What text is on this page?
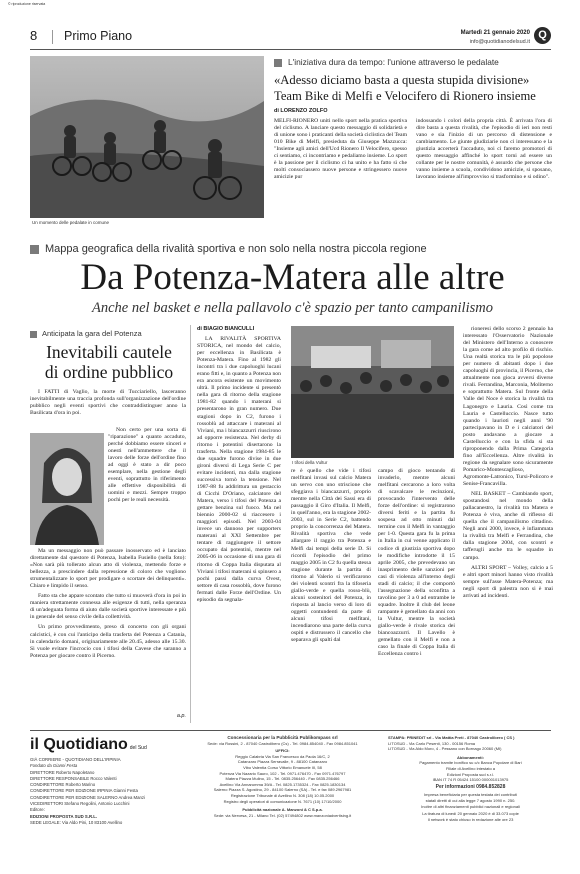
© riproduzione riservata
8 Primo Piano	Martedì 21 gennaio 2020
info@quotidianodelsud.it
Q
Un momento delle pedalate in comune
L'iniziativa dura da tempo: l'unione attraverso le pedalate
«Adesso diciamo basta a questa stupida divisione»
Team Bike di Melfi e Velocifero di Rionero insieme
di LORENZO ZOLFO
MELFI-RIONERO uniti nello sport nella pratica sportiva del ciclismo. A lanciare questo messaggio di solidarietà e di unione sono i praticanti della società ciclistica del Team 010 Bike di Melfi, presieduta da Giuseppe Mazzucca: "Insieme agli amici dell'Ucd Rionero Il Velocifero, spesso ci sentiamo, ci incontriamo e pedaliamo insieme. Lo sport è la passione per il ciclismo ci ha unito e ha fatto sì che molti consociassero nuove persone e stringessero nuove amicizie pur
indossando i colori della propria città. È arrivata l'ora di dire basta a questa rivalità, che l'episodio di ieri non resti vano e sia l'inizio di un percorso di distensione e cambiamento. Le giunte giudiziarie non ci interessano e la giustizia accerterà l'accaduto, noi ci faremo promotori di questo messaggio affinché lo sport torni ad essere un collante per le nostre comunità, è assurdo che persone che vanno insieme a scuola, condividono amicizie, si sposano, lavorano insieme all'improvviso si trasformino e si odino".
Mappa geografica della rivalità sportiva e non solo nella nostra piccola regione
Da Potenza-Matera alle altre
Anche nel basket e nella pallavolo c'è spazio per tanto campanilismo
Anticipata la gara del Potenza
Inevitabili cautele
di ordine pubblico

I FATTI di Vaglio, la morte di Tucciariello, lasceranno inevitabilmente una traccia profonda sull'organizzazione dell'ordine pubblico negli eventi sportivi che contraddistinguer anno la Basilicata d'ora in poi.

Non certo per una sorta di "riparazione" a quanto accaduto, perché dobbiamo essere sinceri e onesti nell'ammettere che il lavoro delle forze dell'ordine fino ad oggi è stato a dir poco esemplare, nella gestione degli eventi, soprattutto in riferimento alle effettive disponibilità di uomini e mezzi. Sempre troppo pochi per le reali necessità.

Ma un messaggio non può passare inosservato ed è lanciato direttamente dal questore di Potenza, Isabella Fusiello (nella foto): «Non sarà più tollerato alcun atto di violenza, mettendo forze e bellezza, a prescindere dalla repressione di coloro che vogliono strumentalizzare lo sport per prodigare o scortare dei delinquenti». Chiaro e limpido il senso.

Fatto sta che appare scontato che tutto si muoverà d'ora in poi in maniera strettamente connessa alle esigenze di tutti, nella speranza di un'adeguata forma di aiuto dalle società sportive interessate e più in generale del senso civile della collettività.

Un primo provvedimento, preso di concerto con gli organi calcistici, è con cui l'anticipo della trasferta del Potenza a Catania, in calendario domani, originariamente alle 20.45, adesso alle 15.30. Si vuole evitare l'incrocio con i tifosi della Cavese che saranno a Potenza per giocare contro il Picerno.

a.p.
di BIAGIO BIANCULLI

LA RIVALITÀ SPORTIVA STORICA, nel mondo del calcio, per eccellenza in Basilicata è Potenza-Matera. Fino al 1982 gli incontri tra i due capoluoghi lucani erano fitti e, in quanto a Potenza non era ancora esistente un movimento ultrà. Il primo incidente si presentò nella gara di ritorno della stagione 1981-82 quando i materani si presentarono in gran numero. Due stagioni dopo in C2, furono i rossoblù ad attaccare i materani al Viviani, ma i biancazzurri riuscirono ad opporre resistenza. Nel derby di ritorno i potentini disertarono la trasferta. Nella stagione 1984-85 le due squadre furono divise in due gironi diversi di Lega Serie C per evitare incidenti, ma dalla stagione successiva tornò la tensione. Nel 1987-88 fu addirittura un gestaccio di Cicchi D'Oriano, calciatore del Matera, verso i tifosi del Potenza a gettare benzina sul fuoco. Ma nel biennio 2000-02 si riaccesero i maggiori episodi. Nel 2003-04 invece un dannoso per supporters materani al XXI Settembre per tentare di raggiungere il settore occupato dai potentini, mentre nel 2005-06 in occasione di una gara di ritorno di Coppa Italia disputata al Viviani i tifosi materani si spinsero a pochi passi dalla curva Ovest, settore di casa rossoblù, dove furono fermati dalle Forze dell'Ordine. Un episodio da segnala-

I tifosi della Vultur
re è quello che vide i tifosi melfitani invasi sul calcio Matera un servo con uno striscione che sfeggiava i biancazzurri, proprio mentre nella Città dei Sassi era di passaggio il Giro d'Italia. Il Melfi, in quell'anno, era la stagione 2002-2003, sul in Serie C2, battendo proprio la concorrenza del Matera. Rivalità sportiva che vede allargare il raggio tra Potenza e Melfi dai tempi della serie D. Si ricordi l'episodio del primo maggio 2005 in C2 fu quella stessa stagione durante la partita di ritorno al Valerio si verificarono dei violenti scontri fra la tifoseria giallo-verde e quella rosso-blù, alcuni sostenitori del Potenza, in risposta al lancio verso di loro di oggetti contundenti da parte di alcuni tifosi melfitani, incendiarono una parte della curva ospiti e distrussero il cancello che separava gli spalti dal
campo di gioco tentando di invaderlo, mentre alcuni melfitani cercarono a loro volta di scavalcare le recinzioni, provocando l'intervento delle forze dell'ordine: si registrarono diversi feriti e la partita fu sospesa ad otto minuti dal termine con il Melfi in vantaggio per 1-0. Questa gara fu la prima in Italia in cui venne applicato il codice di giustizia sportiva dopo le modifiche introdotte il 15 aprile 2005, che prevedevano un inasprimento delle sanzioni per casi di violenza all'interno degli stadi di calcio; il che comportò l'assegnazione della sconfitta a tavolino per 3 a 0 ad entrambe le squadre. Inoltre il club del leone rampante è gemellato da anni con la Vultur, mentre la società giallo-verde è rivale storica dei biancoazzurri. Il Lavello è gemellato con il Melfi e non a caso la finale di Coppa Italia di Eccellenza contro i

rioneresi dello scorso 2 gennaio ha interessato l'Osservatorio Nazionale del Ministero dell'Interno a conoscere la gara come ad alto profilo di rischio. Una realtà storica tra le più popolose per numero di abitanti dopo i due capoluoghi di provincia, il Picerno, che attualmente non gioca avversi diverse rivali. Ferrandina, Marconia, Moliterno e soprattutto Matera. Sul fronte della Valle del Noce è storica la rivalità tra Lagonegro e Lauria. Così come tra Lauria e Castelluccio. Nasce tutto quando i laurioti negli anni '90 partecipavano in D e i calciatori del posto andavano a giocare a Castelluccio e con la sfida si sta riproponendo dalla Prima Categoria fino all'Eccellenza. Altre rivalità in regione da segnalare sono sicuramente Pomarico-Montescaglioso, Agromonte-Latronico, Tursi-Policoro e Senise-Francavilla.

NEL BASKET – Cambiando sport, spostandosi nel mondo della pallacanestro, la rivalità tra Matera e Potenza è viva, anche di riflesso di quella che il campanilismo cittadino. Negli anni 2000, invece, è infiammata la rivalità tra Melfi e Ferrandina, che dalla stagione 2004, con scontri e tafferugli anche tra le squadre in campo.

ALTRI SPORT – Volley, calcio a 5 e altri sport minori hanno visto rivalità sempre sull'asse Matera-Potenza; ma negli sport di palestra non si è mai arrivati ad incidenti.

il Quotidiano del Sud
GIÀ CORRIERE - QUOTIDIANO DELL'IRPINIA
Fondato da Gianni Festa
DIRETTORE Roberto Napoletano
DIRETTORE RESPONSABILE Rocco Valenti
CONDIRETTORE Roberto Marino
CONDIRETTORE PER EDIZIONE IRPINIA Gianni Festa
CONDIRETTORE PER EDIZIONE SALERNO Andrea Manzi
VICEDIRETTORI Stefano Regolini, Antonio Lucchini
Editore:
EDIZIONI PROPOSTA SUD S.R.L.
SEDE LEGALE: Via Aldo Pini, 10 83100 Avellino
Concessionaria per la Pubblicità Publikompass srl
Sede: via Rossini, 2 - 87040 Castrolibero (Cs) - Tel. 0984.854040 - Fax 0984.851041
UFFICI:
Reggio Calabria Via San Francesco da Paola 16/C, 2
Catanzaro Piazza Serravalle, 9 - 88100 Catanzaro
Vibo Valentia Corso Vittorio Emanuele III, 58
Potenza Via Nazario Sauro, 102 - Tel. 0971.476470 - Fax 0971.476797
Matera Piazza Mulino, 15 - Tel. 0835.256440 - Fax 0835.256466
Avellino Via Annarumma 39/A - Tel. 0825.1735324 - Fax 0825.1830134
Salerno Piazza S. Agostino, 29 - 84100 Salerno (SA) - Tel. e fax 089.2967981
Registrazione Tribunale di Avellino N. 308 (18) 10.05.2000
Registro degli operatori di comunicazione N. 7671 (10) 17/10/2000
Pubblicità nazionale A. Manzoni & C S.p.a.
Sede: via Nervesa, 21 - Milano Tel. (02) 57494802 www.manzoniadvertising.it
STAMPA: PRINEDIT srl - Via Mattia Preti - 87040 Castrolibero ( CS )
LITOSUD - Via Carlo Pesenti, 130 - 00156 Roma
LITOSUD - Via Aldo Moro, 4 - Pessano con Bornago 20060 (MI)
Abbonamenti:
Pagamento tramite bonifico su c/c Banca Popolare di Bari
Filiale di Avellino intestato a
Edizioni Proposta sud s.r.l.
IBAN IT 74 R 05424 15100 000001013975
Per informazioni 0984.852828
Impresa beneficiaria per questa testata dei contributi
statali diretti di cui alla legge 7 agosto 1990 n. 250.
Inoltre di altri finanziamenti pubblici nazionali e regionali
La tiratura di lunedì 20 gennaio 2020 è di 33.073 copie
Il network è stato chiuso in redazione alle ore 23
